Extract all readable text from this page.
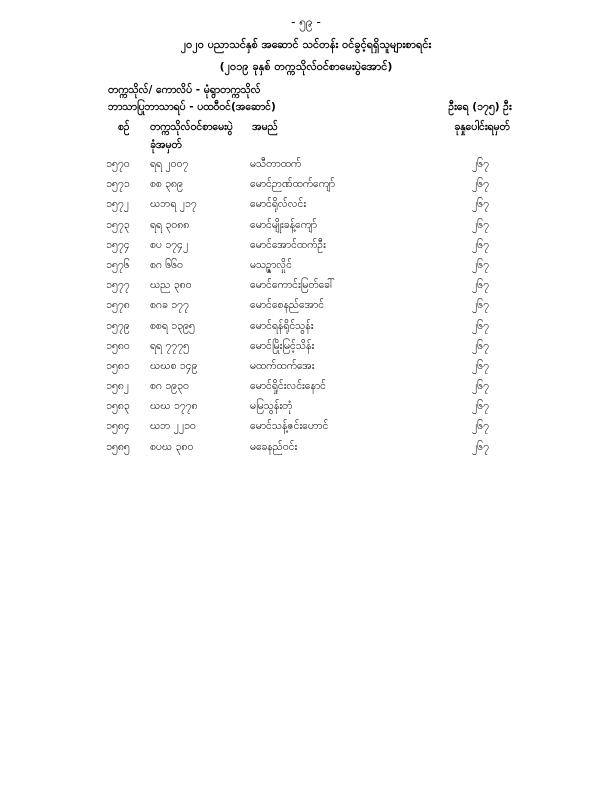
- ၅၉ -
၂၀၂၀ ပညာသင်နှစ် အဆောင် သင်တန်း ဝင်ခွင့်ရရှိသူများစာရင်း
(၂၀၁၉ ခုနှစ် တက္ကသိုလ်ဝင်စာမေးပွဲအောင်)
တက္ကသိုလ်/ ကောလိပ် - မုံရွာတက္ကသိုလ်
ဘာသာပြုဘာသာရပ် - ပထဝီဝင်(အဆောင်)	ဦးရေ (၁၇၅) ဦး
စဉ် တက္ကသိုလ်ဝင်စာမေးပွဲ
ခုံအမှတ်
အမည်	ခုနှုပေါင်းရမှတ်
၁၅၇၀ ရရ ၂၀၀၇	မသီတာထက်	၂၆၇
၁၅၇၁ စစ ၃၈၉	မောင်ဉာဏ်ထက်ကျော်	၂၆၇
၁၅၇၂ ဃဘရ ၂၁၇	မောင်ရိုလ်လင်း	၂၆၇
၁၅၇၃ ရရ ၃၀၈၈	မောင်မျိုးခန့်ကျော်	၂၆၇
၁၅၇၄ စပ ၁၇၄၂	မောင်အောင်ထက်ဦး	၂၆၇
၁၅၇၆ စဂ ၆၆၀	မသဉ္ဇာလှိုင်	၂၆၇
၁၅၇၇ ဃည ၃၈၀	မောင်ကောင်းမြတ်ခေါ်	၂၆၇
၁၅၇၈ စဂခ ၁၇၇	မောင်စေနည်အောင်	၂၆၇
၁၅၇၉ စစရ ၁၃၉၅	မောင်ရန်ရိုင်သွန်း	၂၆၇
၁၅၈၀ ရရ ၇၇၇၅	မောင်မြိုးမြင့်သိန်း	၂၆၇
၁၅၈၁ ဃဃစ ၁၄၉	မထက်ထက်အေး	၂၆၇
၁၅၈၂ စဂ ၁၉၃၀	မောင်ရှိုင်းလင်းနောင်	၂၆၇
၁၅၈၃ ဃဃ ၁၇၇၈	မမြသွန်းတုံ	၂၆၇
၁၅၈၄ ဃဘ ၂၂၁၀	မောင်သန့်ဇင်းဟောင်	၂၆၇
၁၅၈၅ စပဃ ၃၈၀	မခေနည်ဝင်း	၂၆၇
